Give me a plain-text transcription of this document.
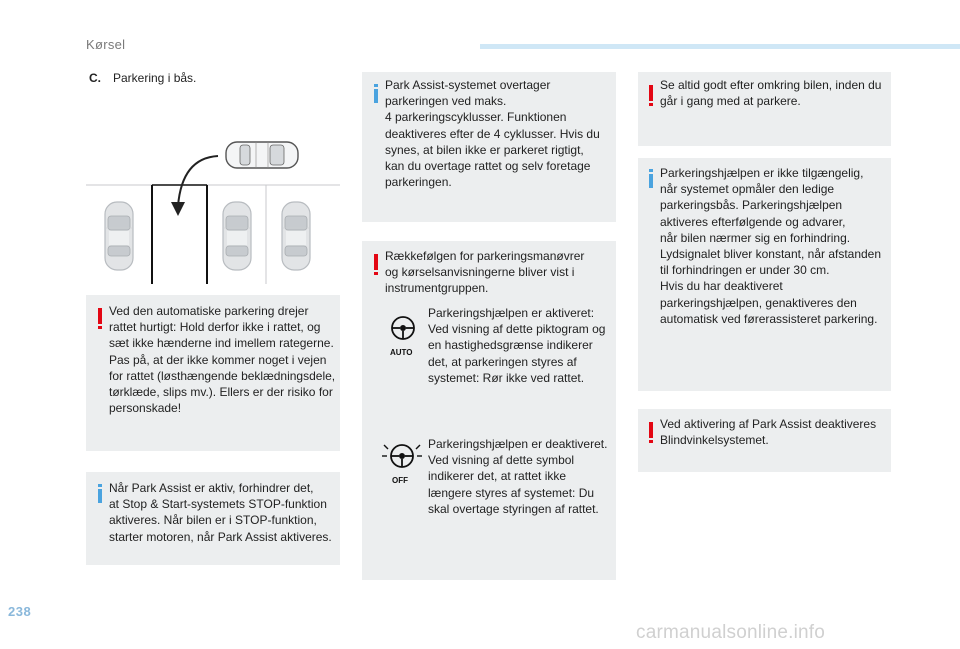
Kørsel
C. Parkering i bås.
Ved den automatiske parkering drejer
rattet hurtigt: Hold derfor ikke i rattet, og
sæt ikke hænderne ind imellem rategerne.
Pas på, at der ikke kommer noget i vejen
for rattet (løsthængende beklædningsdele,
tørklæde, slips mv.). Ellers er der risiko for
personskade!
Når Park Assist er aktiv, forhindrer det,
at Stop & Start-systemets STOP-funktion
aktiveres. Når bilen er i STOP-funktion,
starter motoren, når Park Assist aktiveres.
Park Assist-systemet overtager
parkeringen ved maks.
4 parkeringscyklusser. Funktionen
deaktiveres efter de 4 cyklusser. Hvis du
synes, at bilen ikke er parkeret rigtigt,
kan du overtage rattet og selv foretage
parkeringen.
Rækkefølgen for parkeringsmanøvrer
og kørselsanvisningerne bliver vist i
instrumentgruppen.
AUTO
Parkeringshjælpen er aktiveret:
Ved visning af dette piktogram og
en hastighedsgrænse indikerer
det, at parkeringen styres af
systemet: Rør ikke ved rattet.
OFF
Parkeringshjælpen er deaktiveret.
Ved visning af dette symbol
indikerer det, at rattet ikke
længere styres af systemet: Du
skal overtage styringen af rattet.
Se altid godt efter omkring bilen, inden du
går i gang med at parkere.
Parkeringshjælpen er ikke tilgængelig,
når systemet opmåler den ledige
parkeringsbås. Parkeringshjælpen
aktiveres efterfølgende og advarer,
når bilen nærmer sig en forhindring.
Lydsignalet bliver konstant, når afstanden
til forhindringen er under 30 cm.
Hvis du har deaktiveret
parkeringshjælpen, genaktiveres den
automatisk ved førerassisteret parkering.
Ved aktivering af Park Assist deaktiveres
Blindvinkelsystemet.
238
carmanualsonline.info
